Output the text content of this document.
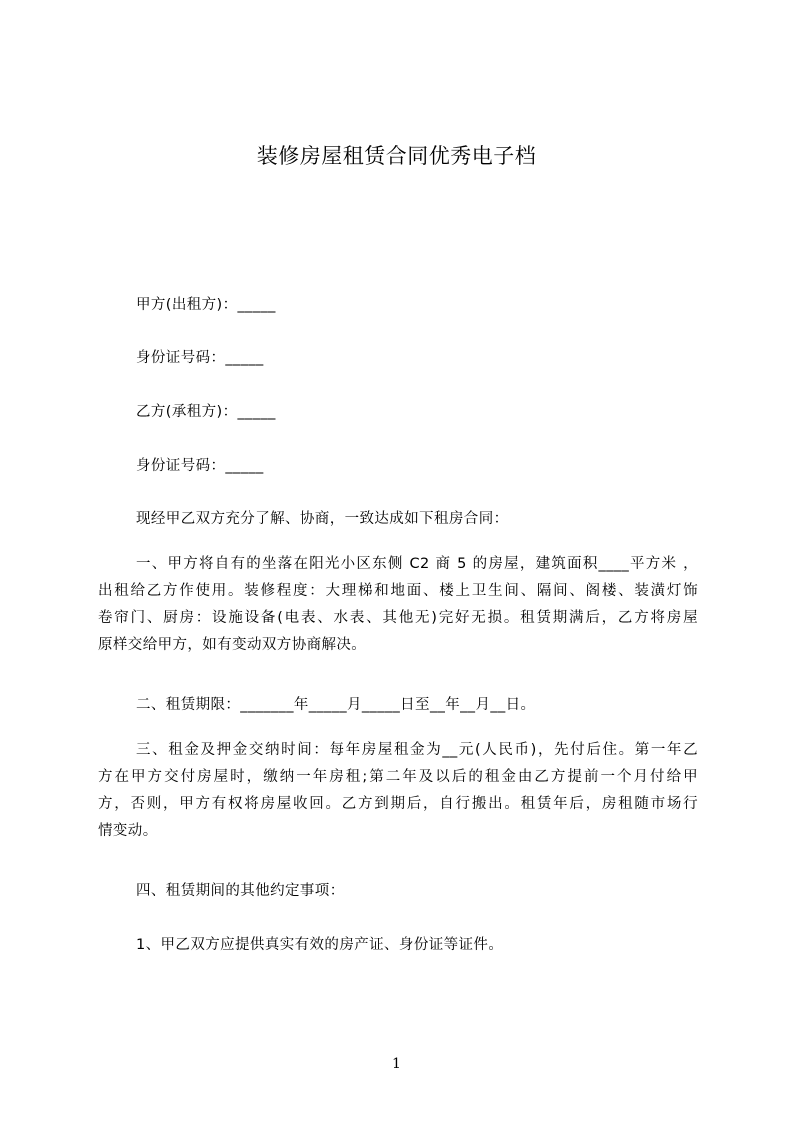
装修房屋租赁合同优秀电子档
甲方(出租方)：_____
身份证号码：_____
乙方(承租方)：_____
身份证号码：_____
现经甲乙双方充分了解、协商，一致达成如下租房合同：
一、甲方将自有的坐落在阳光小区东侧 C2 商 5 的房屋，建筑面积____平方米 ，
出租给乙方作使用。装修程度：大理梯和地面、楼上卫生间、隔间、阁楼、装潢灯饰
卷帘门、厨房：设施设备(电表、水表、其他无)完好无损。租赁期满后，乙方将房屋
原样交给甲方，如有变动双方协商解决。
二、租赁期限：_______年_____月_____日至__年__月__日。
三、租金及押金交纳时间：每年房屋租金为__元(人民币)，先付后住。第一年乙
方在甲方交付房屋时，缴纳一年房租;第二年及以后的租金由乙方提前一个月付给甲
方，否则，甲方有权将房屋收回。乙方到期后，自行搬出。租赁年后，房租随市场行
情变动。
四、租赁期间的其他约定事项：
1、甲乙双方应提供真实有效的房产证、身份证等证件。
1
